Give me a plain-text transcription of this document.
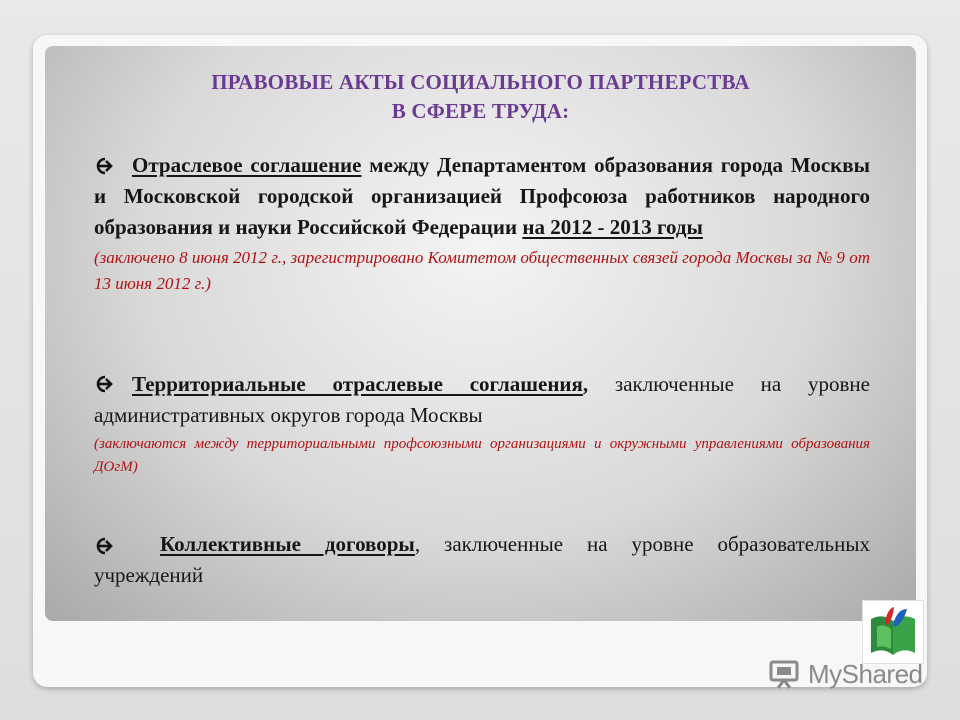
ПРАВОВЫЕ АКТЫ СОЦИАЛЬНОГО ПАРТНЕРСТВА
В СФЕРЕ ТРУДА:

Отраслевое соглашение между Департаментом образования города Москвы и Московской городской организацией Профсоюза работников народного образования и науки Российской Федерации на 2012 - 2013 годы

(заключено 8 июня 2012 г., зарегистрировано Комитетом общественных связей города Москвы за № 9 от 13 июня 2012 г.)

Территориальные отраслевые соглашения, заключенные на уровне административных округов города Москвы

(заключаются между территориальными профсоюзными организациями и окружными управлениями образования ДОгМ)

Коллективные договоры, заключенные на уровне образовательных учреждений

MyShared
